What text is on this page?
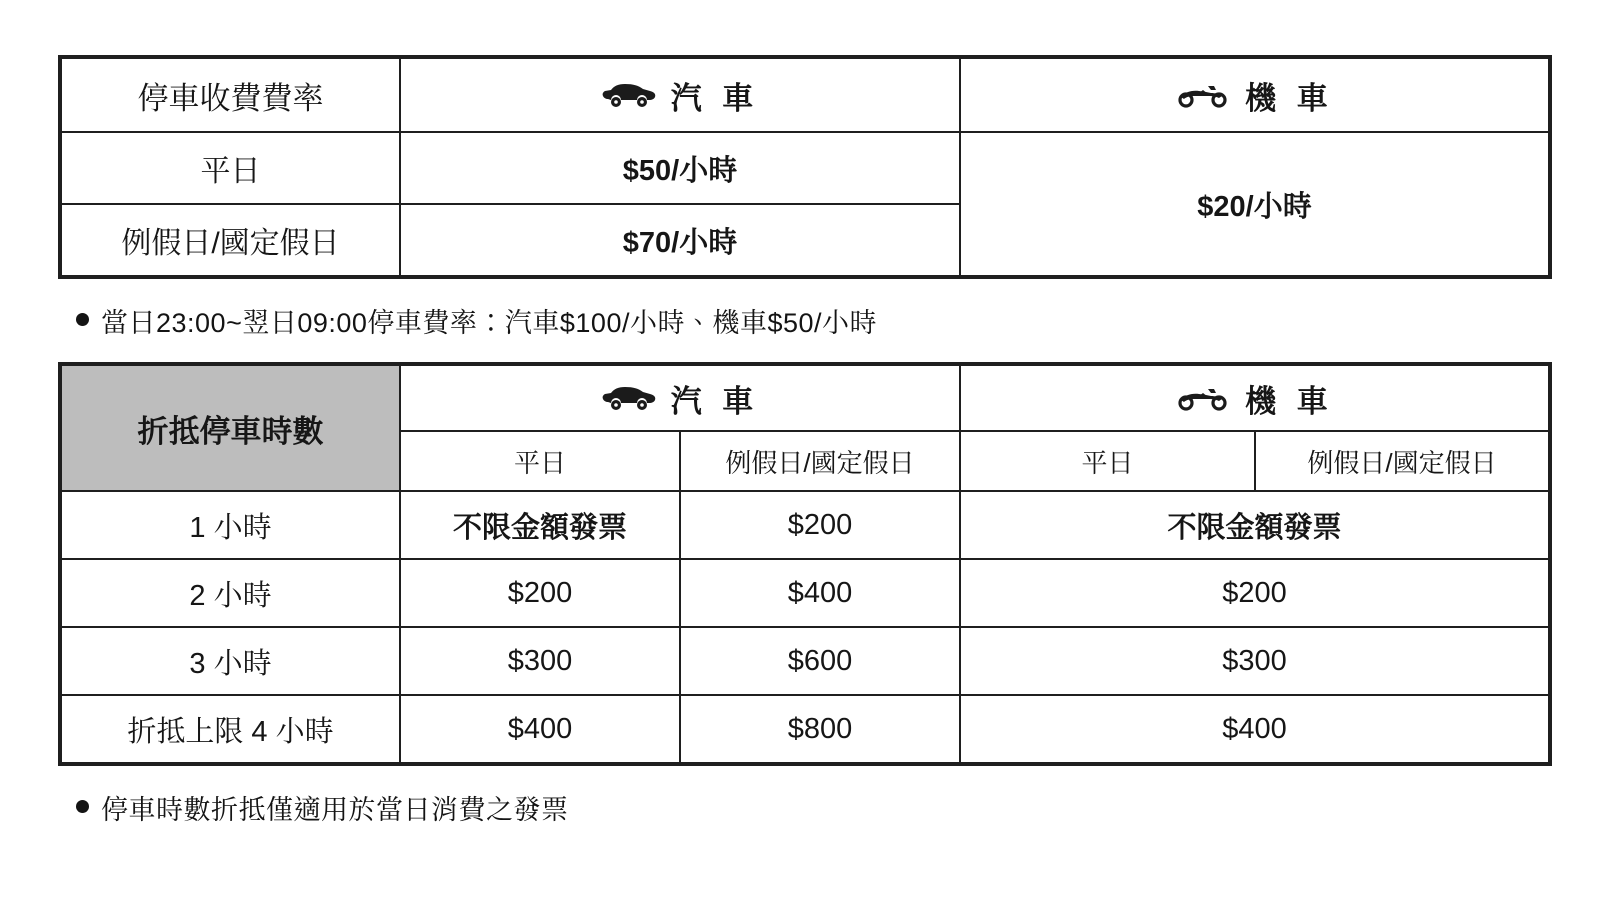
停車收費費率	汽 車	機 車

平日	$50/小時	$20/小時
例假日/國定假日	$70/小時	
當日23:00~翌日09:00停車費率：汽車$100/小時、機車$50/小時
折抵停車時數	汽 車		機 車	

	平日	例假日/國定假日	平日	例假日/國定假日
1 小時	不限金額發票	$200	不限金額發票	
2 小時	$200	$400	$200	
3 小時	$300	$600	$300	
折抵上限 4 小時	$400	$800	$400	
停車時數折抵僅適用於當日消費之發票
